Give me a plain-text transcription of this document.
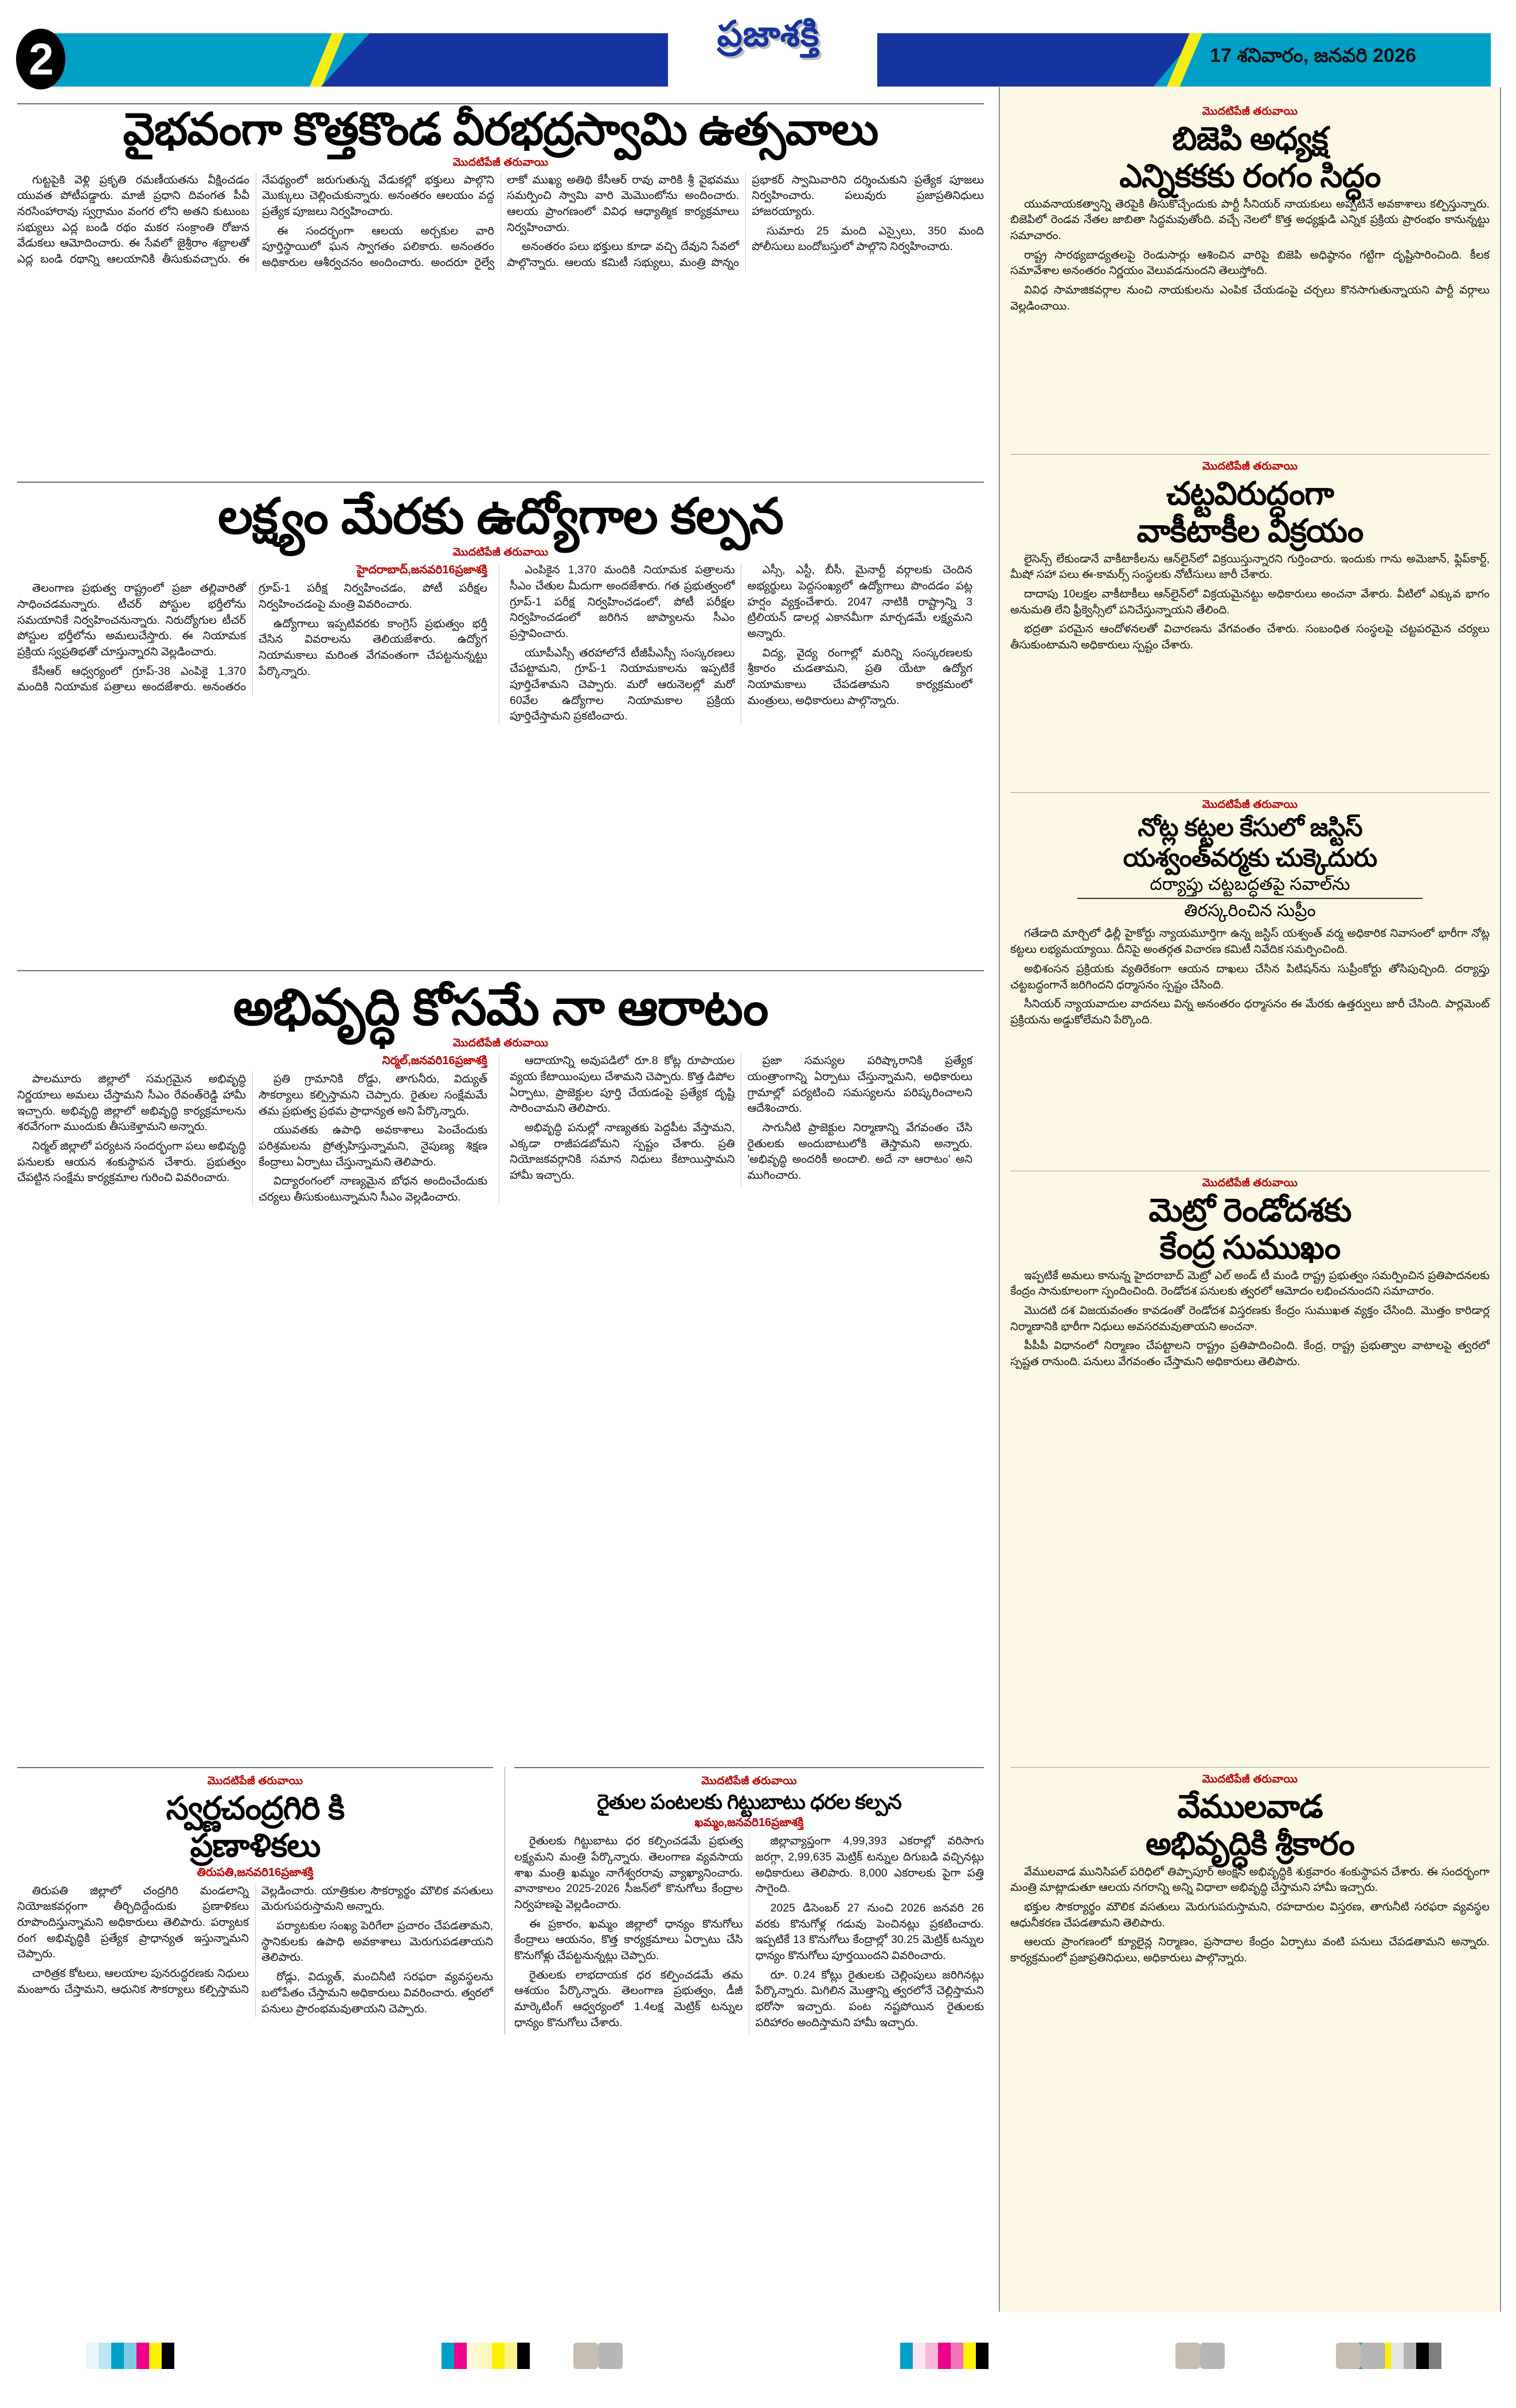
2	ప్రజాశక్తి
17 శనివారం, జనవరి 2026
వైభవంగా కొత్తకొండ వీరభద్రస్వామి ఉత్సవాలు
మొదటిపేజీ తరువాయి

గుట్టపైకి వెళ్లి ప్రకృతి రమణీయతను వీక్షించడం యువత పోటీపడ్డారు. మాజీ ప్రధాని దివంగత పీవీ నరసింహారావు స్వగ్రామం వంగర లోని అతని కుటుంబ సభ్యులు ఎద్ల బండి రథం మకర సంక్రాంతి రోజున వేడుకలు ఆమోదించారు. ఈ సేవలో జైశ్రీరాం శబ్దాలతో ఎద్ల బండి రథాన్ని ఆలయానికి తీసుకువచ్చారు. ఈ నేపథ్యంలో జరుగుతున్న వేడుకల్లో భక్తులు పాల్గొని మొక్కులు చెల్లించుకున్నారు. అనంతరం ఆలయం వద్ద ప్రత్యేక పూజలు నిర్వహించారు.

ఈ సందర్భంగా ఆలయ అర్చకుల వారి పూర్తిస్థాయిలో ఘన స్వాగతం పలికారు. అనంతరం అధికారుల ఆశీర్వచనం అందించారు. అందరూ రైల్వే లాకో ముఖ్య అతిథి కేసీఆర్ రావు వారికి శ్రీ వైభవము సమర్పించి స్వామి వారి మెమొంటోను అందించారు. ఆలయ ప్రాంగణంలో వివిధ ఆధ్యాత్మిక కార్యక్రమాలు నిర్వహించారు.

అనంతరం పలు భక్తులు కూడా వచ్చి దేవుని సేవలో పాల్గొన్నారు. ఆలయ కమిటీ సభ్యులు, మంత్రి పొన్నం ప్రభాకర్ స్వామివారిని దర్శించుకుని ప్రత్యేక పూజలు నిర్వహించారు. పలువురు ప్రజాప్రతినిధులు హాజరయ్యారు.

సుమారు 25 మంది ఎస్సైలు, 350 మంది పోలీసులు బందోబస్తులో పాల్గొని నిర్వహించారు.

లక్ష్యం మేరకు ఉద్యోగాల కల్పన
మొదటిపేజీ తరువాయి
హైదరాబాద్,జనవరి16ప్రజాశక్తి

తెలంగాణ ప్రభుత్వ రాష్ట్రంలో ప్రజా తల్లివారితో సాధించడమన్నారు. టీచర్ పోస్టుల భర్తీలోను సమయానికే నిర్వహించనున్నారు. నిరుద్యోగుల టీచర్ పోస్టుల భర్తీలోను అమలుచేస్తారు. ఈ నియామక ప్రక్రియ స్వప్రతిభతో చూస్తున్నారని వెల్లడించారు.

కేసీఆర్ ఆధ్వర్యంలో గ్రూప్-38 ఎంపికై 1,370 మందికి నియామక పత్రాలు అందజేశారు. అనంతరం గ్రూప్-1 పరీక్ష నిర్వహించడం, పోటీ పరీక్షల నిర్వహించడంపై మంత్రి వివరించారు.

ఉద్యోగాలు ఇప్పటివరకు కాంగ్రెస్ ప్రభుత్వం భర్తీ చేసిన వివరాలను తెలియజేశారు. ఉద్యోగ నియామకాలు మరింత వేగవంతంగా చేపట్టనున్నట్టు పేర్కొన్నారు.

ఎంపికైన 1,370 మందికి నియామక పత్రాలను సీఎం చేతుల మీదుగా అందజేశారు. గత ప్రభుత్వంలో గ్రూప్-1 పరీక్ష నిర్వహించడంలో, పోటీ పరీక్షల నిర్వహించడంలో జరిగిన జాప్యాలను సీఎం ప్రస్తావించారు.

యూపీఎస్సీ తరహాలోనే టీజీపీఎస్సీ సంస్కరణలు చేపట్టామని, గ్రూప్-1 నియామకాలను ఇప్పటికే పూర్తిచేశామని చెప్పారు. మరో ఆరునెలల్లో మరో 60వేల ఉద్యోగాల నియామకాల ప్రక్రియ పూర్తిచేస్తామని ప్రకటించారు.

ఎస్సీ, ఎస్టీ, బీసీ, మైనార్టీ వర్గాలకు చెందిన అభ్యర్థులు పెద్దసంఖ్యలో ఉద్యోగాలు పొందడం పట్ల హర్షం వ్యక్తంచేశారు. 2047 నాటికి రాష్ట్రాన్ని 3 ట్రిలియన్ డాలర్ల ఎకానమీగా మార్చడమే లక్ష్యమని అన్నారు.

విద్య, వైద్య రంగాల్లో మరిన్ని సంస్కరణలకు శ్రీకారం చుడతామని, ప్రతి యేటా ఉద్యోగ నియామకాలు చేపడతామని కార్యక్రమంలో మంత్రులు, అధికారులు పాల్గొన్నారు.

అభివృద్ధి కోసమే నా ఆరాటం
మొదటిపేజీ తరువాయి
నిర్మల్,జనవరి16ప్రజాశక్తి

పాలమూరు జిల్లాలో సమగ్రమైన అభివృద్ధి నిర్ణయాలు అమలు చేస్తామని సీఎం రేవంత్‌రెడ్డి హామీ ఇచ్చారు. అభివృద్ధి జిల్లాలో అభివృద్ధి కార్యక్రమాలను శరవేగంగా ముందుకు తీసుకెళ్తామని అన్నారు.

నిర్మల్ జిల్లాలో పర్యటన సందర్భంగా పలు అభివృద్ధి పనులకు ఆయన శంకుస్థాపన చేశారు. ప్రభుత్వం చేపట్టిన సంక్షేమ కార్యక్రమాల గురించి వివరించారు.

ప్రతి గ్రామానికి రోడ్డు, తాగునీరు, విద్యుత్ సౌకర్యాలు కల్పిస్తామని చెప్పారు. రైతుల సంక్షేమమే తమ ప్రభుత్వ ప్రథమ ప్రాధాన్యత అని పేర్కొన్నారు.

యువతకు ఉపాధి అవకాశాలు పెంచేందుకు పరిశ్రమలను ప్రోత్సహిస్తున్నామని, నైపుణ్య శిక్షణ కేంద్రాలు ఏర్పాటు చేస్తున్నామని తెలిపారు.

విద్యారంగంలో నాణ్యమైన బోధన అందించేందుకు చర్యలు తీసుకుంటున్నామని సీఎం వెల్లడించారు.

ఆదాయాన్ని అవుపడిలో రూ.8 కోట్ల రూపాయల వ్యయ కేటాయింపులు చేశామని చెప్పారు. కొత్త డిపోల ఏర్పాటు, ప్రాజెక్టుల పూర్తి చేయడంపై ప్రత్యేక దృష్టి సారించామని తెలిపారు.

అభివృద్ధి పనుల్లో నాణ్యతకు పెద్దపీట వేస్తామని, ఎక్కడా రాజీపడబోమని స్పష్టం చేశారు. ప్రతి నియోజకవర్గానికి సమాన నిధులు కేటాయిస్తామని హామీ ఇచ్చారు.

ప్రజా సమస్యల పరిష్కారానికి ప్రత్యేక యంత్రాంగాన్ని ఏర్పాటు చేస్తున్నామని, అధికారులు గ్రామాల్లో పర్యటించి సమస్యలను పరిష్కరించాలని ఆదేశించారు.

సాగునీటి ప్రాజెక్టుల నిర్మాణాన్ని వేగవంతం చేసి రైతులకు అందుబాటులోకి తెస్తామని అన్నారు. 'అభివృద్ధి అందరికీ అందాలి. అదే నా ఆరాటం' అని ముగించారు.

మొదటిపేజీ తరువాయి
స్వర్ణచంద్రగిరి కి
ప్రణాళికలు
తిరుపతి,జనవరి16ప్రజాశక్తి

తిరుపతి జిల్లాలో చంద్రగిరి మండలాన్ని నియోజకవర్గంగా తీర్చిదిద్దేందుకు ప్రణాళికలు రూపొందిస్తున్నామని అధికారులు తెలిపారు. పర్యాటక రంగ అభివృద్ధికి ప్రత్యేక ప్రాధాన్యత ఇస్తున్నామని చెప్పారు.

చారిత్రక కోటలు, ఆలయాల పునరుద్ధరణకు నిధులు మంజూరు చేస్తామని, ఆధునిక సౌకర్యాలు కల్పిస్తామని వెల్లడించారు. యాత్రికుల సౌకర్యార్థం మౌలిక వసతులు మెరుగుపరుస్తామని అన్నారు.

పర్యాటకుల సంఖ్య పెరిగేలా ప్రచారం చేపడతామని, స్థానికులకు ఉపాధి అవకాశాలు మెరుగుపడతాయని తెలిపారు.

రోడ్లు, విద్యుత్, మంచినీటి సరఫరా వ్యవస్థలను బలోపేతం చేస్తామని అధికారులు వివరించారు. త్వరలో పనులు ప్రారంభమవుతాయని చెప్పారు.

మొదటిపేజీ తరువాయి
రైతుల పంటలకు గిట్టుబాటు ధరల కల్పన
ఖమ్మం,జనవరి16ప్రజాశక్తి

రైతులకు గిట్టుబాటు ధర కల్పించడమే ప్రభుత్వ లక్ష్యమని మంత్రి పేర్కొన్నారు. తెలంగాణ వ్యవసాయ శాఖ మంత్రి ఖమ్మం నాగేశ్వరరావు వ్యాఖ్యానించారు. వానాకాలం 2025-2026 సీజన్‌లో కొనుగోలు కేంద్రాల నిర్వహణపై వెల్లడించారు.

ఈ ప్రకారం, ఖమ్మం జిల్లాలో ధాన్యం కొనుగోలు కేంద్రాలు ఆయనం, కొత్త కార్యక్రమాలు ఏర్పాటు చేసి కొనుగోళ్లు చేపట్టనున్నట్లు చెప్పారు.

రైతులకు లాభదాయక ధర కల్పించడమే తమ ఆశయం పేర్కొన్నారు. తెలంగాణ ప్రభుత్వం, డీజీ మార్కెటింగ్ ఆధ్వర్యంలో 1.4లక్ష మెట్రిక్ టన్నుల ధాన్యం కొనుగోలు చేశారు.

జిల్లావ్యాప్తంగా 4,99,393 ఎకరాల్లో వరిసాగు జరగ్గా, 2,99,635 మెట్రిక్ టన్నుల దిగుబడి వచ్చినట్లు అధికారులు తెలిపారు. 8,000 ఎకరాలకు పైగా పత్తి సాగైంది.

2025 డిసెంబర్ 27 నుంచి 2026 జనవరి 26 వరకు కొనుగోళ్ల గడువు పెంచినట్లు ప్రకటించారు. ఇప్పటికే 13 కొనుగోలు కేంద్రాల్లో 30.25 మెట్రిక్ టన్నుల ధాన్యం కొనుగోలు పూర్తయిందని వివరించారు.

రూ. 0.24 కోట్లు రైతులకు చెల్లింపులు జరిగినట్లు పేర్కొన్నారు. మిగిలిన మొత్తాన్ని త్వరలోనే చెల్లిస్తామని భరోసా ఇచ్చారు. పంట నష్టపోయిన రైతులకు పరిహారం అందిస్తామని హామీ ఇచ్చారు.

మొదటిపేజీ తరువాయి
బిజెపి అధ్యక్ష
ఎన్నికకకు రంగం సిద్ధం

యువనాయకత్వాన్ని తెరపైకి తీసుకొచ్చేందుకు పార్టీ సీనియర్ నాయకులు అప్పటినే అవకాశాలు కల్పిస్తున్నారు. బిజెపిలో రెండవ నేతల జాబితా సిద్ధమవుతోంది. వచ్చే నెలలో కొత్త అధ్యక్షుడి ఎన్నిక ప్రక్రియ ప్రారంభం కానున్నట్టు సమాచారం.

రాష్ట్ర సారథ్యబాధ్యతలపై రెండుసార్లు ఆశించిన వారిపై బిజెపి అధిష్ఠానం గట్టిగా దృష్టిసారించింది. కీలక సమావేశాల అనంతరం నిర్ణయం వెలువడనుందని తెలుస్తోంది.

వివిధ సామాజికవర్గాల నుంచి నాయకులను ఎంపిక చేయడంపై చర్చలు కొనసాగుతున్నాయని పార్టీ వర్గాలు వెల్లడించాయి.

మొదటిపేజీ తరువాయి
చట్టవిరుద్ధంగా
వాకీటాకీల విక్రయం

లైసెన్స్ లేకుండానే వాకీటాకీలను ఆన్‌లైన్‌లో విక్రయిస్తున్నారని గుర్తించారు. ఇందుకు గాను అమెజాన్, ఫ్లిప్‌కార్ట్, మీషో సహా పలు ఈ-కామర్స్ సంస్థలకు నోటీసులు జారీ చేశారు.

దాదాపు 10లక్షల వాకీటాకీలు ఆన్‌లైన్‌లో విక్రయమైనట్టు అధికారులు అంచనా వేశారు. వీటిలో ఎక్కువ భాగం అనుమతి లేని ఫ్రీక్వెన్సీలో పనిచేస్తున్నాయని తేలింది.

భద్రతా పరమైన ఆందోళనలతో విచారణను వేగవంతం చేశారు. సంబంధిత సంస్థలపై చట్టపరమైన చర్యలు తీసుకుంటామని అధికారులు స్పష్టం చేశారు.

మొదటిపేజీ తరువాయి
నోట్ల కట్టల కేసులో జస్టిస్
యశ్వంత్‌వర్మకు చుక్కెదురు
దర్యాప్తు చట్టబద్ధతపై సవాల్‌ను
తిరస్కరించిన సుప్రీం

గతేడాది మార్చిలో ఢిల్లీ హైకోర్టు న్యాయమూర్తిగా ఉన్న జస్టిస్ యశ్వంత్ వర్మ అధికారిక నివాసంలో భారీగా నోట్ల కట్టలు లభ్యమయ్యాయి. దీనిపై అంతర్గత విచారణ కమిటీ నివేదిక సమర్పించింది.

అభిశంసన ప్రక్రియకు వ్యతిరేకంగా ఆయన దాఖలు చేసిన పిటిషన్‌ను సుప్రీంకోర్టు తోసిపుచ్చింది. దర్యాప్తు చట్టబద్ధంగానే జరిగిందని ధర్మాసనం స్పష్టం చేసింది.

సీనియర్ న్యాయవాదుల వాదనలు విన్న అనంతరం ధర్మాసనం ఈ మేరకు ఉత్తర్వులు జారీ చేసింది. పార్లమెంట్ ప్రక్రియను అడ్డుకోలేమని పేర్కొంది.

మొదటిపేజీ తరువాయి
మెట్రో రెండోదశకు
కేంద్ర సుముఖం

ఇప్పటికే అమలు కానున్న హైదరాబాద్ మెట్రో ఎల్ అండ్ టీ మండి రాష్ట్ర ప్రభుత్వం సమర్పించిన ప్రతిపాదనలకు కేంద్రం సానుకూలంగా స్పందించింది. రెండోదశ పనులకు త్వరలో ఆమోదం లభించనుందని సమాచారం.

మొదటి దశ విజయవంతం కావడంతో రెండోదశ విస్తరణకు కేంద్రం సుముఖత వ్యక్తం చేసింది. మొత్తం కారిడార్ల నిర్మాణానికి భారీగా నిధులు అవసరమవుతాయని అంచనా.

పీపీపీ విధానంలో నిర్మాణం చేపట్టాలని రాష్ట్రం ప్రతిపాదించింది. కేంద్ర, రాష్ట్ర ప్రభుత్వాల వాటాలపై త్వరలో స్పష్టత రానుంది. పనులు వేగవంతం చేస్తామని అధికారులు తెలిపారు.

మొదటిపేజీ తరువాయి
వేములవాడ
అభివృద్ధికి శ్రీకారం

వేములవాడ మునిసిపల్ పరిధిలో తిప్పాపూర్ అంక్షన్ అభివృద్ధికి శుక్రవారం శంకుస్థాపన చేశారు. ఈ సందర్భంగా మంత్రి మాట్లాడుతూ ఆలయ నగరాన్ని అన్ని విధాలా అభివృద్ధి చేస్తామని హామీ ఇచ్చారు.

భక్తుల సౌకర్యార్థం మౌలిక వసతులు మెరుగుపరుస్తామని, రహదారుల విస్తరణ, తాగునీటి సరఫరా వ్యవస్థల ఆధునీకరణ చేపడతామని తెలిపారు.

ఆలయ ప్రాంగణంలో క్యూలైన్ల నిర్మాణం, ప్రసాదాల కేంద్రం ఏర్పాటు వంటి పనులు చేపడతామని అన్నారు. కార్యక్రమంలో ప్రజాప్రతినిధులు, అధికారులు పాల్గొన్నారు.
